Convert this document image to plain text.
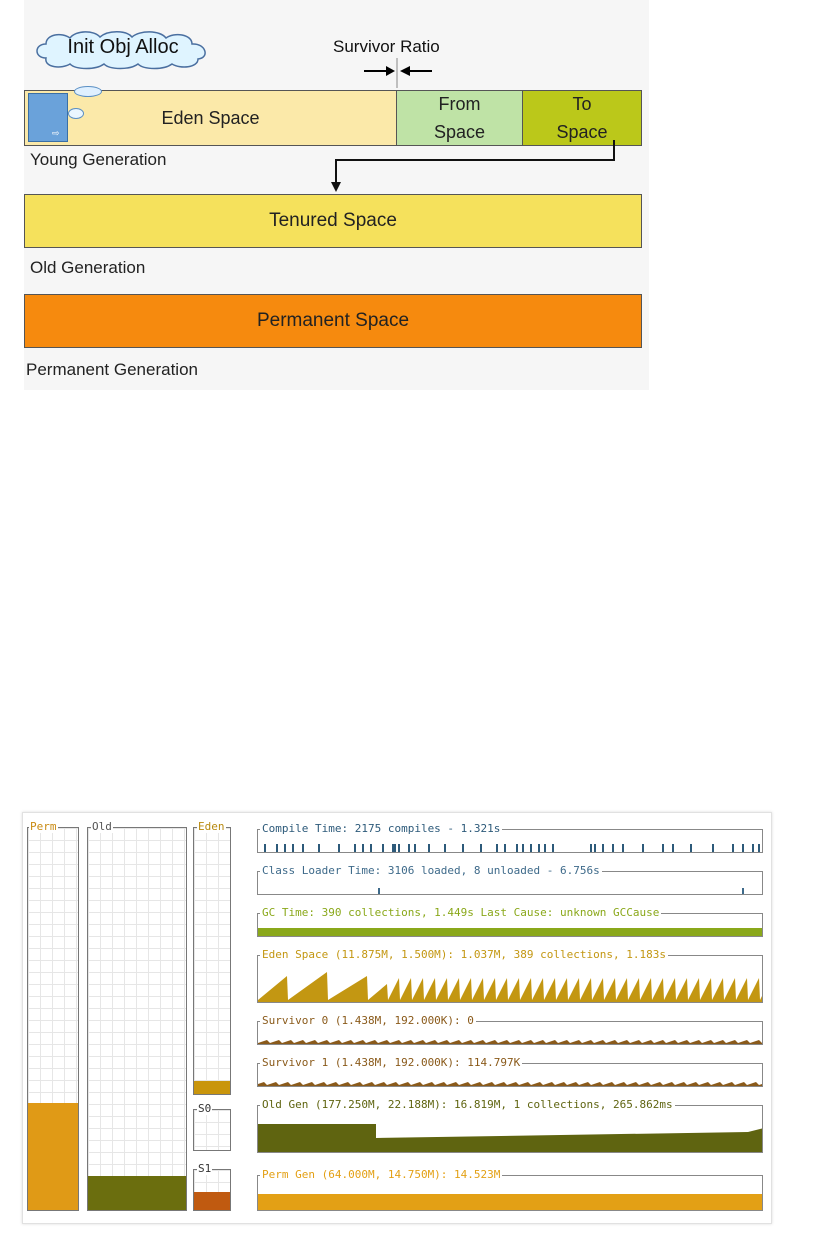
Init Obj Alloc	Survivor Ratio
Eden Space
From
Space
To
Space
⇨
Young Generation
Tenured Space
Old Generation
Permanent Space
Permanent Generation
Perm	Old	Eden
S0
S1
Compile Time: 2175 compiles - 1.321s
Class Loader Time: 3106 loaded, 8 unloaded - 6.756s
GC Time: 390 collections, 1.449s Last Cause: unknown GCCause
Eden Space (11.875M, 1.500M): 1.037M, 389 collections, 1.183s
Survivor 0 (1.438M, 192.000K): 0
Survivor 1 (1.438M, 192.000K): 114.797K
Old Gen (177.250M, 22.188M): 16.819M, 1 collections, 265.862ms
Perm Gen (64.000M, 14.750M): 14.523M
